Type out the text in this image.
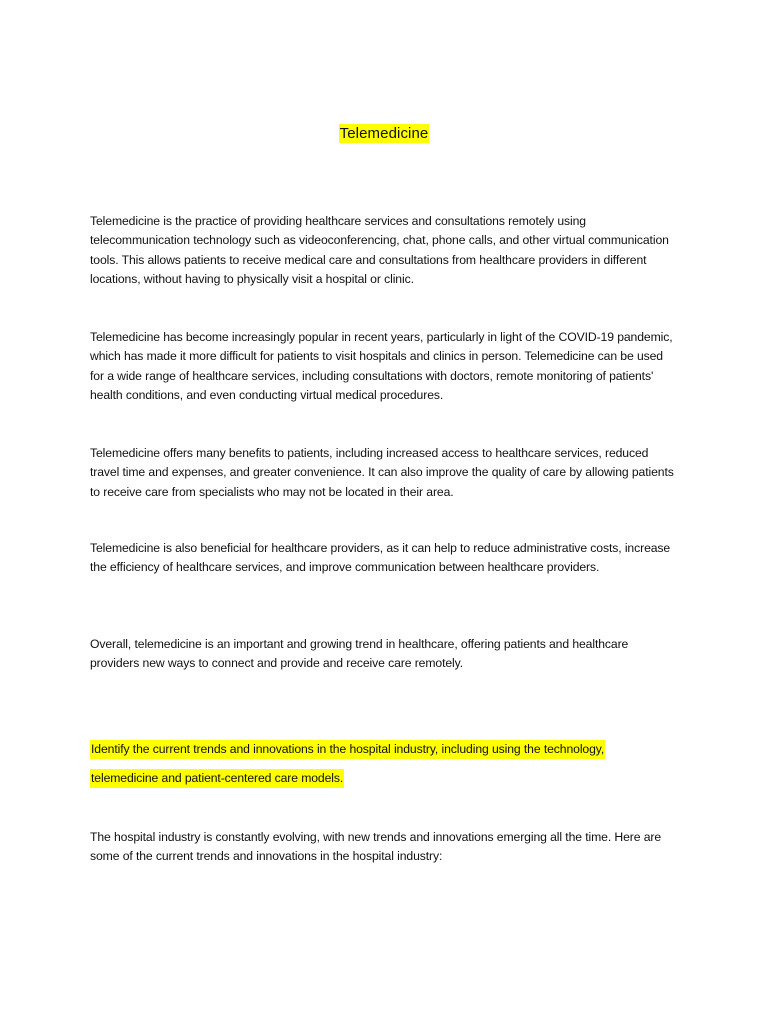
Telemedicine

Telemedicine is the practice of providing healthcare services and consultations remotely using telecommunication technology such as videoconferencing, chat, phone calls, and other virtual communication tools. This allows patients to receive medical care and consultations from healthcare providers in different locations, without having to physically visit a hospital or clinic.

Telemedicine has become increasingly popular in recent years, particularly in light of the COVID-19 pandemic, which has made it more difficult for patients to visit hospitals and clinics in person. Telemedicine can be used for a wide range of healthcare services, including consultations with doctors, remote monitoring of patients' health conditions, and even conducting virtual medical procedures.

Telemedicine offers many benefits to patients, including increased access to healthcare services, reduced travel time and expenses, and greater convenience. It can also improve the quality of care by allowing patients to receive care from specialists who may not be located in their area.

Telemedicine is also beneficial for healthcare providers, as it can help to reduce administrative costs, increase the efficiency of healthcare services, and improve communication between healthcare providers.

Overall, telemedicine is an important and growing trend in healthcare, offering patients and healthcare providers new ways to connect and provide and receive care remotely.

Identify the current trends and innovations in the hospital industry, including using the technology,
telemedicine and patient-centered care models.

The hospital industry is constantly evolving, with new trends and innovations emerging all the time. Here are some of the current trends and innovations in the hospital industry:
